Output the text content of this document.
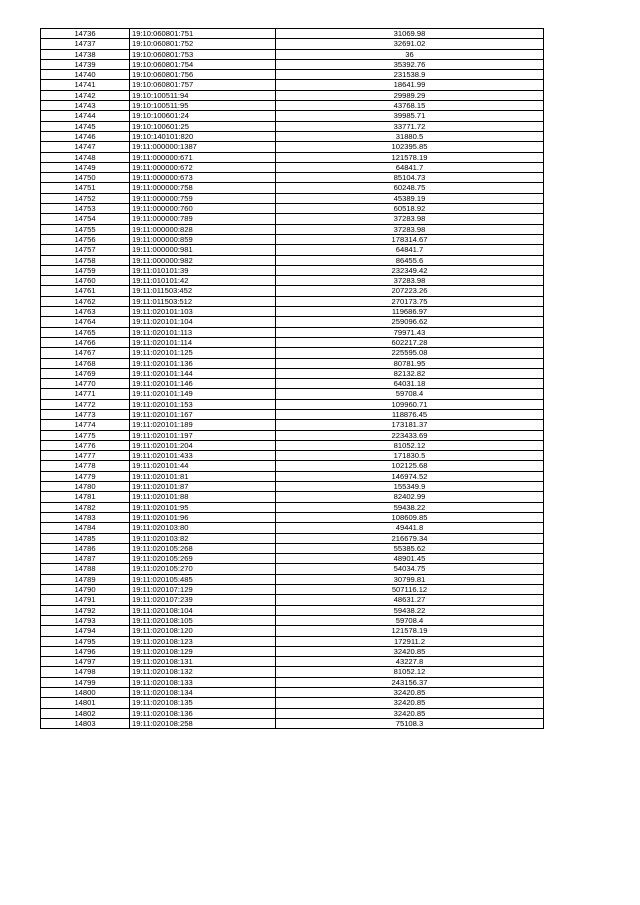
14736	19:10:060801:751	31069.98
14737	19:10:060801:752	32691.02
14738	19:10:060801:753	36
14739	19:10:060801:754	35392.76
14740	19:10:060801:756	231538.9
14741	19:10:060801:757	18641.99
14742	19:10:100511:94	29989.29
14743	19:10:100511:95	43768.15
14744	19:10:100601:24	39985.71
14745	19:10:100601:25	33771.72
14746	19:10:140101:820	31880.5
14747	19:11:000000:1387	102395.85
14748	19:11:000000:671	121578.19
14749	19:11:000000:672	64841.7
14750	19:11:000000:673	85104.73
14751	19:11:000000:758	60248.75
14752	19:11:000000:759	45389.19
14753	19:11:000000:760	60518.92
14754	19:11:000000:789	37283.98
14755	19:11:000000:828	37283.98
14756	19:11:000000:859	178314.67
14757	19:11:000000:981	64841.7
14758	19:11:000000:982	86455.6
14759	19:11:010101:39	232349.42
14760	19:11:010101:42	37283.98
14761	19:11:011503:452	207223.26
14762	19:11:011503:512	270173.75
14763	19:11:020101:103	119686.97
14764	19:11:020101:104	259096.62
14765	19:11:020101:113	79971.43
14766	19:11:020101:114	602217.28
14767	19:11:020101:125	225595.08
14768	19:11:020101:136	80781.95
14769	19:11:020101:144	82132.82
14770	19:11:020101:146	64031.18
14771	19:11:020101:149	59708.4
14772	19:11:020101:153	109960.71
14773	19:11:020101:167	118876.45
14774	19:11:020101:189	173181.37
14775	19:11:020101:197	223433.69
14776	19:11:020101:204	81052.12
14777	19:11:020101:433	171830.5
14778	19:11:020101:44	102125.68
14779	19:11:020101:81	146974.52
14780	19:11:020101:87	155349.9
14781	19:11:020101:88	82402.99
14782	19:11:020101:95	59438.22
14783	19:11:020101:96	108609.85
14784	19:11:020103:80	49441.8
14785	19:11:020103:82	216679.34
14786	19:11:020105:268	55385.62
14787	19:11:020105:269	48901.45
14788	19:11:020105:270	54034.75
14789	19:11:020105:485	30799.81
14790	19:11:020107:129	507116.12
14791	19:11:020107:239	48631.27
14792	19:11:020108:104	59438.22
14793	19:11:020108:105	59708.4
14794	19:11:020108:120	121578.19
14795	19:11:020108:123	172911.2
14796	19:11:020108:129	32420.85
14797	19:11:020108:131	43227.8
14798	19:11:020108:132	81052.12
14799	19:11:020108:133	243156.37
14800	19:11:020108:134	32420.85
14801	19:11:020108:135	32420.85
14802	19:11:020108:136	32420.85
14803	19:11:020108:258	75108.3
